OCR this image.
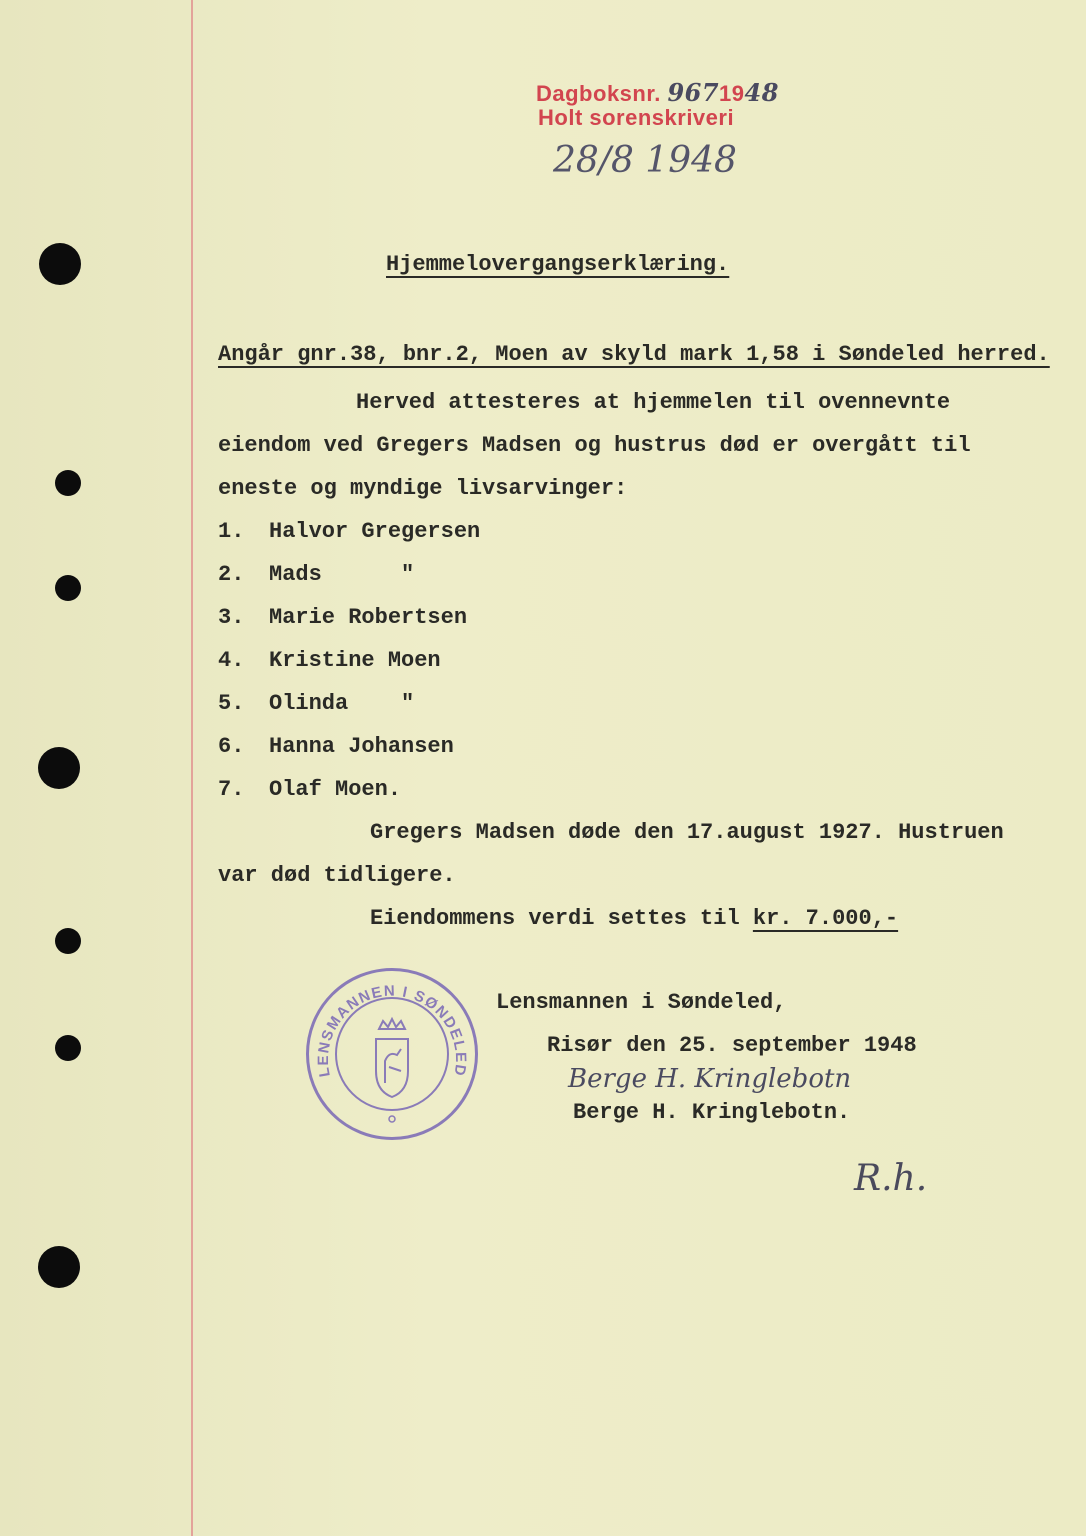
Dagboksnr. 9671948
Holt sorenskriveri
28/8 1948
Hjemmelovergangserklæring.
Angår gnr.38, bnr.2, Moen av skyld mark 1,58 i Søndeled herred.
Herved attesteres at hjemmelen til ovennevnte
eiendom ved Gregers Madsen og hustrus død er overgått til
eneste og myndige livsarvinger:
1. Halvor Gregersen
2. Mads      "
3. Marie Robertsen
4. Kristine Moen
5. Olinda    "
6. Hanna Johansen
7. Olaf Moen.
Gregers Madsen døde den 17.august 1927. Hustruen
var død tidligere.
Eiendommens verdi settes til kr. 7.000,-
LENSMANNEN I SØNDELED
Lensmannen i Søndeled,
Risør den 25. september 1948
Berge H. Kringlebotn
Berge H. Kringlebotn.
R.h.
